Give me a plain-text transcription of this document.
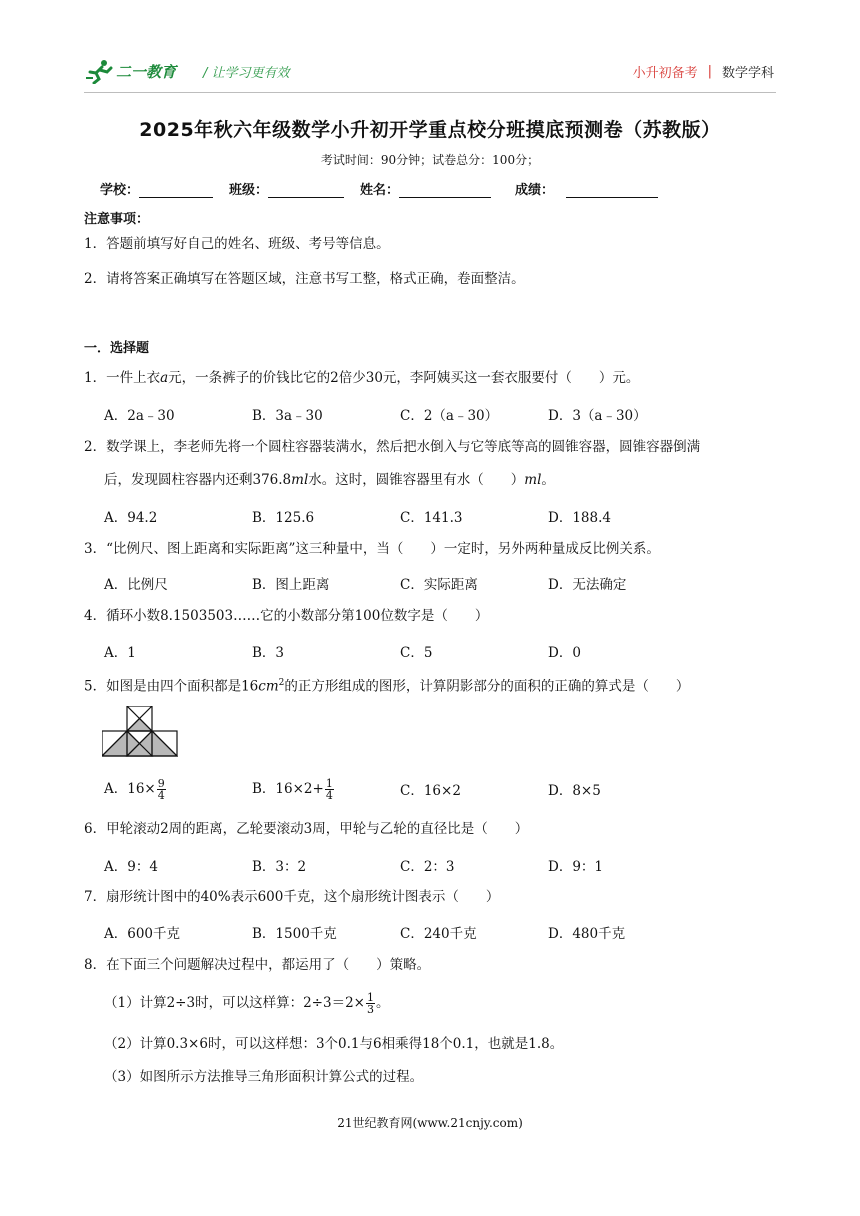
二一教育 / 让学习更有效	小升初备考 | 数学学科
2025年秋六年级数学小升初开学重点校分班摸底预测卷（苏教版）
考试时间：90分钟；试卷总分：100分；
学校：	班级：	姓名：	成绩：
注意事项：
1．答题前填写好自己的姓名、班级、考号等信息。
2．请将答案正确填写在答题区域，注意书写工整，格式正确，卷面整洁。
一．选择题
1．一件上衣a元，一条裤子的价钱比它的2倍少30元，李阿姨买这一套衣服要付（　　）元。
A．2a﹣30	B．3a﹣30	C．2（a﹣30）	D．3（a﹣30）
2．数学课上，李老师先将一个圆柱容器装满水，然后把水倒入与它等底等高的圆锥容器，圆锥容器倒满
后，发现圆柱容器内还剩376.8ml水。这时，圆锥容器里有水（　　）ml。
A．94.2	B．125.6	C．141.3	D．188.4
3．“比例尺、图上距离和实际距离”这三种量中，当（　　）一定时，另外两种量成反比例关系。
A．比例尺	B．图上距离	C．实际距离	D．无法确定
4．循环小数8.1503503……它的小数部分第100位数字是（　　）
A．1	B．3	C．5	D．0
5．如图是由四个面积都是$16cm^2$的正方形组成的图形，计算阴影部分的面积的正确的算式是（　　）
A．$16\times \frac{9}{4}$	B．$16\times 2+ \frac{1}{4}$	C．16×2	D．8×5
6．甲轮滚动2周的距离，乙轮要滚动3周，甲轮与乙轮的直径比是（　　）
A．9：4	B．3：2	C．2：3	D．9：1
7．扇形统计图中的40%表示600千克，这个扇形统计图表示（　　）
A．600千克	B．1500千克	C．240千克	D．480千克
8．在下面三个问题解决过程中，都运用了（　　）策略。
（1）计算2÷3时，可以这样算：$2\div 3=2\times \frac{1}{3}$ 。
（2）计算0.3×6时，可以这样想：3个0.1与6相乘得18个0.1，也就是1.8。
（3）如图所示方法推导三角形面积计算公式的过程。
21世纪教育网(www.21cnjy.com)
